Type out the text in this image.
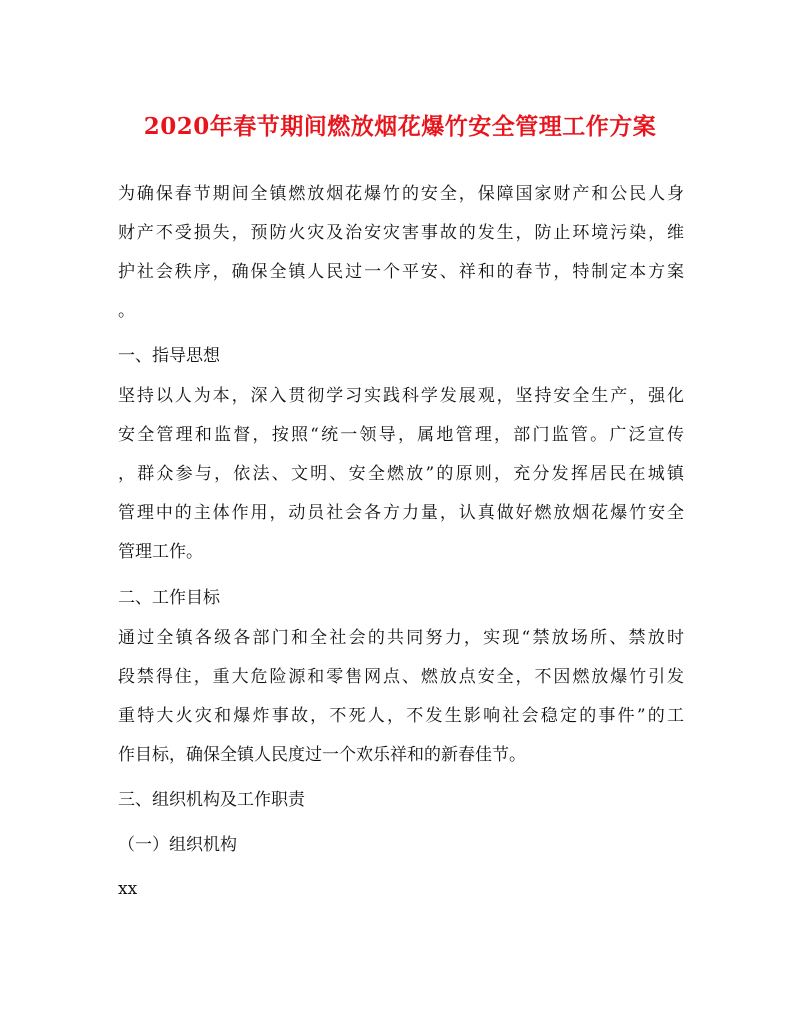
2020年春节期间燃放烟花爆竹安全管理工作方案
为确保春节期间全镇燃放烟花爆竹的安全，保障国家财产和公民人身
财产不受损失，预防火灾及治安灾害事故的发生，防止环境污染，维
护社会秩序，确保全镇人民过一个平安、祥和的春节，特制定本方案
。
一、指导思想
坚持以人为本，深入贯彻学习实践科学发展观，坚持安全生产，强化
安全管理和监督，按照“统一领导，属地管理，部门监管。广泛宣传
，群众参与，依法、文明、安全燃放”的原则，充分发挥居民在城镇
管理中的主体作用，动员社会各方力量，认真做好燃放烟花爆竹安全
管理工作。
二、工作目标
通过全镇各级各部门和全社会的共同努力，实现“禁放场所、禁放时
段禁得住，重大危险源和零售网点、燃放点安全，不因燃放爆竹引发
重特大火灾和爆炸事故，不死人，不发生影响社会稳定的事件”的工
作目标，确保全镇人民度过一个欢乐祥和的新春佳节。
三、组织机构及工作职责
（一）组织机构
xx
